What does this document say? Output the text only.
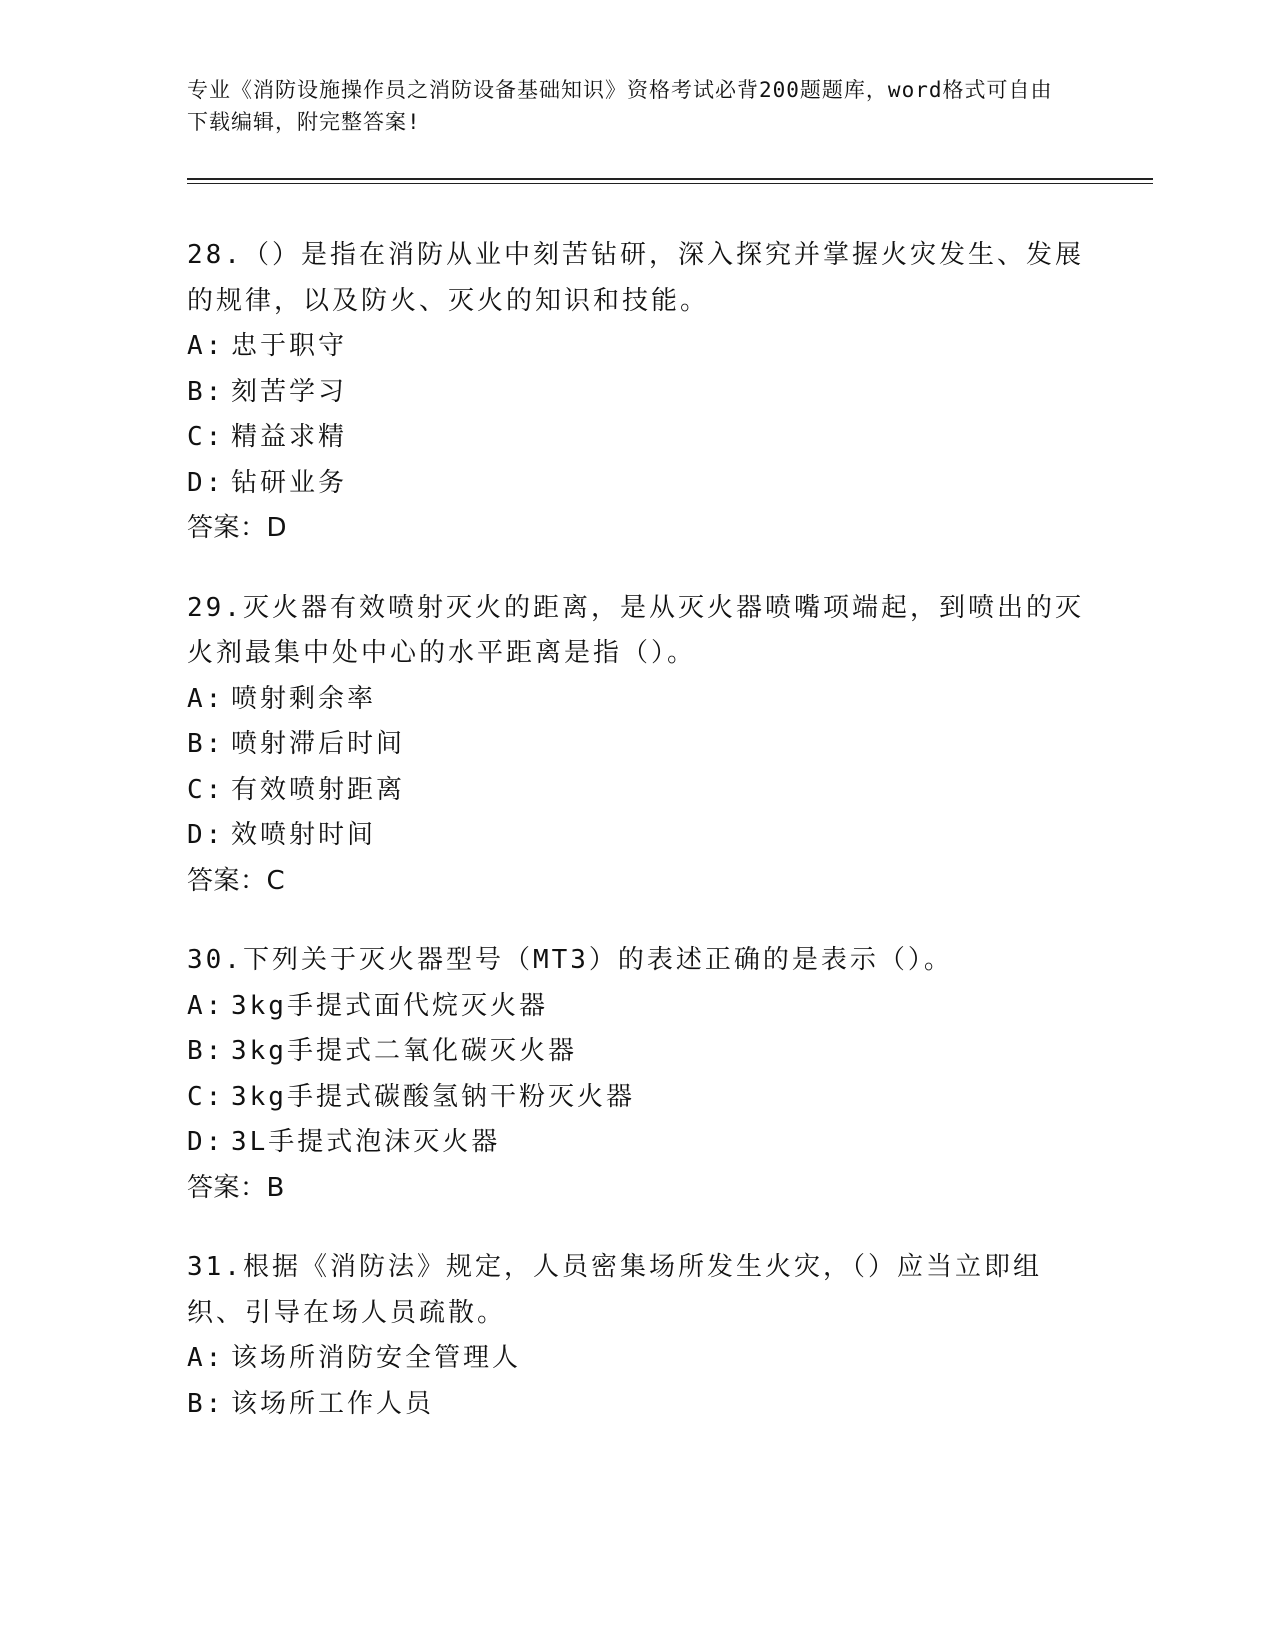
专业《消防设施操作员之消防设备基础知识》资格考试必背200题题库，word格式可自由下载编辑，附完整答案!

28.（）是指在消防从业中刻苦钻研，深入探究并掌握火灾发生、发展的规律，以及防火、灭火的知识和技能。

A: 忠于职守

B: 刻苦学习

C: 精益求精

D: 钻研业务

答案：D

29.灭火器有效喷射灭火的距离，是从灭火器喷嘴项端起，到喷出的灭火剂最集中处中心的水平距离是指（）。

A: 喷射剩余率

B: 喷射滞后时间

C: 有效喷射距离

D: 效喷射时间

答案：C

30.下列关于灭火器型号（MT3）的表述正确的是表示（）。

A: 3kg手提式面代烷灭火器

B: 3kg手提式二氧化碳灭火器

C: 3kg手提式碳酸氢钠干粉灭火器

D: 3L手提式泡沫灭火器

答案：B

31.根据《消防法》规定，人员密集场所发生火灾，（）应当立即组织、引导在场人员疏散。

A: 该场所消防安全管理人

B: 该场所工作人员
